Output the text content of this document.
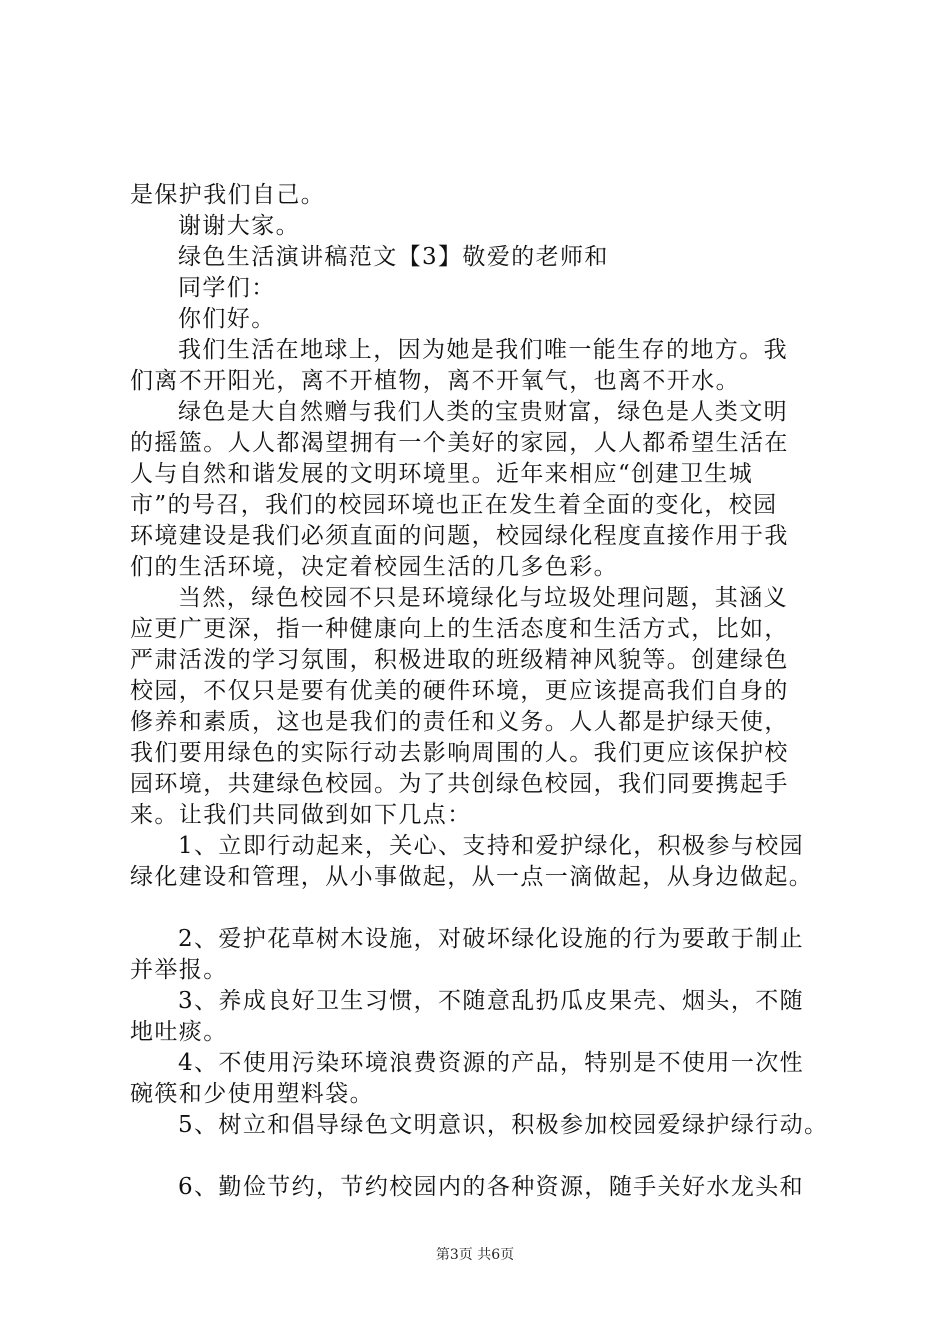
是保护我们自己。
谢谢大家。
绿色生活演讲稿范文【3】敬爱的老师和
同学们：
你们好。
我们生活在地球上，因为她是我们唯一能生存的地方。我
们离不开阳光，离不开植物，离不开氧气，也离不开水。
绿色是大自然赠与我们人类的宝贵财富，绿色是人类文明
的摇篮。人人都渴望拥有一个美好的家园，人人都希望生活在
人与自然和谐发展的文明环境里。近年来相应“创建卫生城
市”的号召，我们的校园环境也正在发生着全面的变化，校园
环境建设是我们必须直面的问题，校园绿化程度直接作用于我
们的生活环境，决定着校园生活的几多色彩。
当然，绿色校园不只是环境绿化与垃圾处理问题，其涵义
应更广更深，指一种健康向上的生活态度和生活方式，比如，
严肃活泼的学习氛围，积极进取的班级精神风貌等。创建绿色
校园，不仅只是要有优美的硬件环境，更应该提高我们自身的
修养和素质，这也是我们的责任和义务。人人都是护绿天使，
我们要用绿色的实际行动去影响周围的人。我们更应该保护校
园环境，共建绿色校园。为了共创绿色校园，我们同要携起手
来。让我们共同做到如下几点：
1、立即行动起来，关心、支持和爱护绿化，积极参与校园
绿化建设和管理，从小事做起，从一点一滴做起，从身边做起。
2、爱护花草树木设施，对破坏绿化设施的行为要敢于制止
并举报。
3、养成良好卫生习惯，不随意乱扔瓜皮果壳、烟头，不随
地吐痰。
4、不使用污染环境浪费资源的产品，特别是不使用一次性
碗筷和少使用塑料袋。
5、树立和倡导绿色文明意识，积极参加校园爱绿护绿行动。
6、勤俭节约，节约校园内的各种资源，随手关好水龙头和
第3页 共6页
